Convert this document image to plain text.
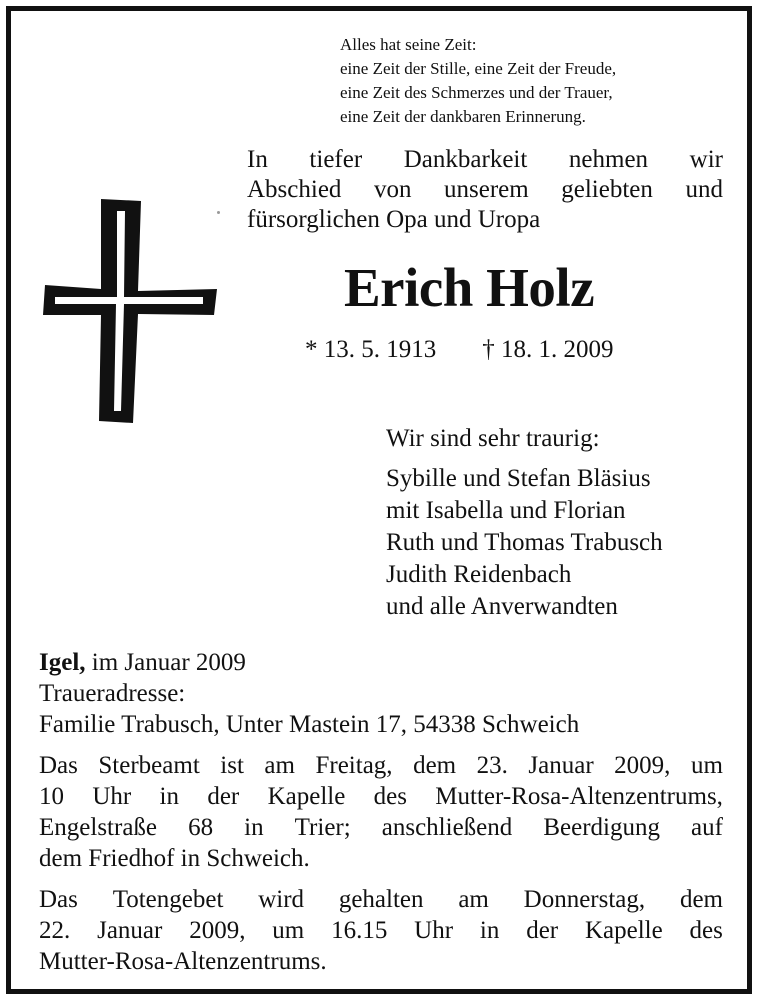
Alles hat seine Zeit:
eine Zeit der Stille, eine Zeit der Freude,
eine Zeit des Schmerzes und der Trauer,
eine Zeit der dankbaren Erinnerung.
In tiefer Dankbarkeit nehmen wir
Abschied von unserem geliebten und
fürsorglichen Opa und Uropa
Erich Holz
* 13. 5. 1913 † 18. 1. 2009
Wir sind sehr traurig:
Sybille und Stefan Bläsius
mit Isabella und Florian
Ruth und Thomas Trabusch
Judith Reidenbach
und alle Anverwandten
Igel, im Januar 2009
Traueradresse:
Familie Trabusch, Unter Mastein 17, 54338 Schweich
Das Sterbeamt ist am Freitag, dem 23. Januar 2009, um
10 Uhr in der Kapelle des Mutter-Rosa-Altenzentrums,
Engelstraße 68 in Trier; anschließend Beerdigung auf
dem Friedhof in Schweich.
Das Totengebet wird gehalten am Donnerstag, dem
22. Januar 2009, um 16.15 Uhr in der Kapelle des
Mutter-Rosa-Altenzentrums.
